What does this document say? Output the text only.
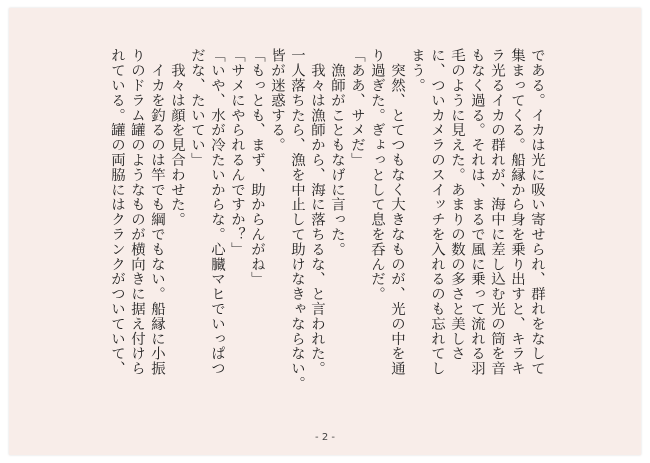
である。イカは光に吸い寄せられ、群れをなして

集まってくる。船縁から身を乗り出すと、キラキ

ラ光るイカの群れが、海中に差し込む光の筒を音

もなく過る。それは、まるで風に乗って流れる羽

毛のように見えた。あまりの数の多さと美しさ

に、ついカメラのスイッチを入れるのも忘れてし

まう。

　突然、とてつもなく大きなものが、光の中を通

り過ぎた。ぎょっとして息を呑んだ。

「ああ、サメだ」

　漁師がこともなげに言った。

　我々は漁師から、海に落ちるな、と言われた。

一人落ちたら、漁を中止して助けなきゃならない。

皆が迷惑する。

「もっとも、まず、助からんがね」

「サメにやられるんですか？」

「いや、水が冷たいからな。心臓マヒでいっぱつ

だな、たいてい」

　我々は顔を見合わせた。

　イカを釣るのは竿でも綱でもない。船縁に小振

りのドラム罐のようなものが横向きに据え付けら

れている。罐の両脇にはクランクがついていて、

- 2 -
